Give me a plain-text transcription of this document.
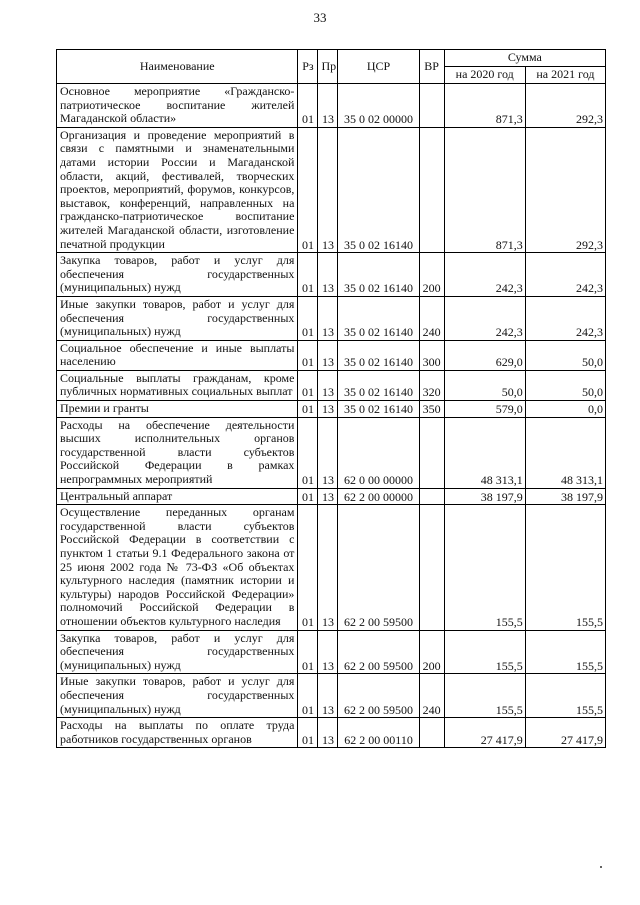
33
Наименование	Рз	Пр	ЦСР	ВР	Сумма	
					на 2020 год	на 2021 год
Основное мероприятие «Гражданско-патриотическое воспитание жителей Магаданской области»	01	13	35 0 02 00000		871,3	292,3
Организация и проведение мероприятий в связи с памятными и знаменательными датами истории России и Магаданской области, акций, фестивалей, творческих проектов, мероприятий, форумов, конкурсов, выставок, конференций, направленных на гражданско-патриотическое воспитание жителей Магаданской области, изготовление печатной продукции	01	13	35 0 02 16140		871,3	292,3
Закупка товаров, работ и услуг для обеспечения государственных (муниципальных) нужд	01	13	35 0 02 16140	200	242,3	242,3
Иные закупки товаров, работ и услуг для обеспечения государственных (муниципальных) нужд	01	13	35 0 02 16140	240	242,3	242,3
Социальное обеспечение и иные выплаты населению	01	13	35 0 02 16140	300	629,0	50,0
Социальные выплаты гражданам, кроме публичных нормативных социальных выплат	01	13	35 0 02 16140	320	50,0	50,0
Премии и гранты	01	13	35 0 02 16140	350	579,0	0,0
Расходы на обеспечение деятельности высших исполнительных органов государственной власти субъектов Российской Федерации в рамках непрограммных мероприятий	01	13	62 0 00 00000		48 313,1	48 313,1
Центральный аппарат	01	13	62 2 00 00000		38 197,9	38 197,9
Осуществление переданных органам государственной власти субъектов Российской Федерации в соответствии с пунктом 1 статьи 9.1 Федерального закона от 25 июня 2002 года № 73-ФЗ «Об объектах культурного наследия (памятник истории и культуры) народов Российской Федерации» полномочий Российской Федерации в отношении объектов культурного наследия	01	13	62 2 00 59500		155,5	155,5
Закупка товаров, работ и услуг для обеспечения государственных (муниципальных) нужд	01	13	62 2 00 59500	200	155,5	155,5
Иные закупки товаров, работ и услуг для обеспечения государственных (муниципальных) нужд	01	13	62 2 00 59500	240	155,5	155,5
Расходы на выплаты по оплате труда работников государственных органов	01	13	62 2 00 00110		27 417,9	27 417,9
